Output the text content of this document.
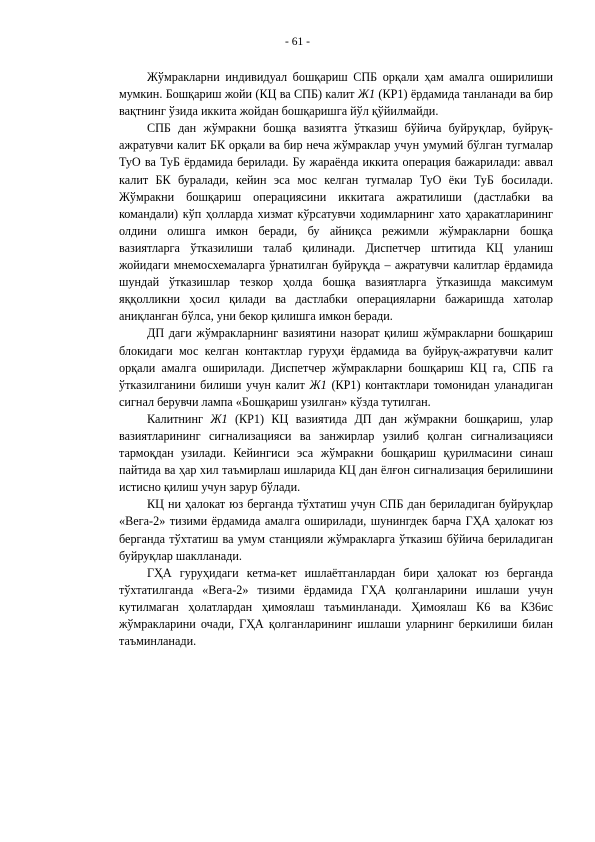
- 61 -

Жўмракларни индивидуал бошқариш СПБ орқали ҳам амалга оширилиши мумкин. Бошқариш жойи (КЦ ва СПБ) калит Ж1 (КР1) ёрдамида танланади ва бир вақтнинг ўзида иккита жойдан бошқаришга йўл қўйилмайди.

СПБ дан жўмракни бошқа вазиятга ўтказиш бўйича буйруқлар, буйруқ-ажратувчи калит БК орқали ва бир неча жўмраклар учун умумий бўлган тугмалар ТуО ва ТуБ ёрдамида берилади. Бу жараёнда иккита операция бажарилади: аввал калит БК буралади, кейин эса мос келган тугмалар ТуО ёки ТуБ босилади. Жўмракни бошқариш операциясини иккитага ажратилиши (дастлабки ва командали) кўп ҳолларда хизмат кўрсатувчи ходимларнинг хато ҳаракатларининг олдини олишга имкон беради, бу айниқса режимли жўмракларни бошқа вазиятларга ўтказилиши талаб қилинади. Диспетчер штитида КЦ уланиш жойидаги мнемосхемаларга ўрнатилган буйруқда – ажратувчи калитлар ёрдамида шундай ўтказишлар тезкор ҳолда бошқа вазиятларга ўтказишда максимум яққолликни ҳосил қилади ва дастлабки операцияларни бажаришда хатолар аниқланган бўлса, уни бекор қилишга имкон беради.

ДП даги жўмракларнинг вазиятини назорат қилиш жўмракларни бошқариш блокидаги мос келган контактлар гуруҳи ёрдамида ва буйруқ-ажратувчи калит орқали амалга оширилади. Диспетчер жўмракларни бошқариш КЦ га, СПБ га ўтказилганини билиши учун калит Ж1 (КР1) контактлари томонидан уланадиган сигнал берувчи лампа «Бошқариш узилган» кўзда тутилган.

Калитнинг Ж1 (КР1) КЦ вазиятида ДП дан жўмракни бошқариш, улар вазиятларининг сигнализацияси ва занжирлар узилиб қолган сигнализацияси тармоқдан узилади. Кейингиси эса жўмракни бошқариш қурилмасини синаш пайтида ва ҳар хил таъмирлаш ишларида КЦ дан ёлғон сигнализация берилишини истисно қилиш учун зарур бўлади.

КЦ ни ҳалокат юз берганда тўхтатиш учун СПБ дан бериладиган буйруқлар «Вега-2» тизими ёрдамида амалга оширилади, шунингдек барча ГҲА ҳалокат юз берганда тўхтатиш ва умум станцияли жўмракларга ўтказиш бўйича бериладиган буйруқлар шаклланади.

ГҲА гуруҳидаги кетма-кет ишлаётганлардан бири ҳалокат юз берганда тўхтатилганда «Вега-2» тизими ёрдамида ГҲА қолганларини ишлаши учун кутилмаган ҳолатлардан ҳимоялаш таъминланади. Ҳимоялаш К6 ва К36ис жўмракларини очади, ГҲА қолганларининг ишлаши уларнинг беркилиши билан таъминланади.
